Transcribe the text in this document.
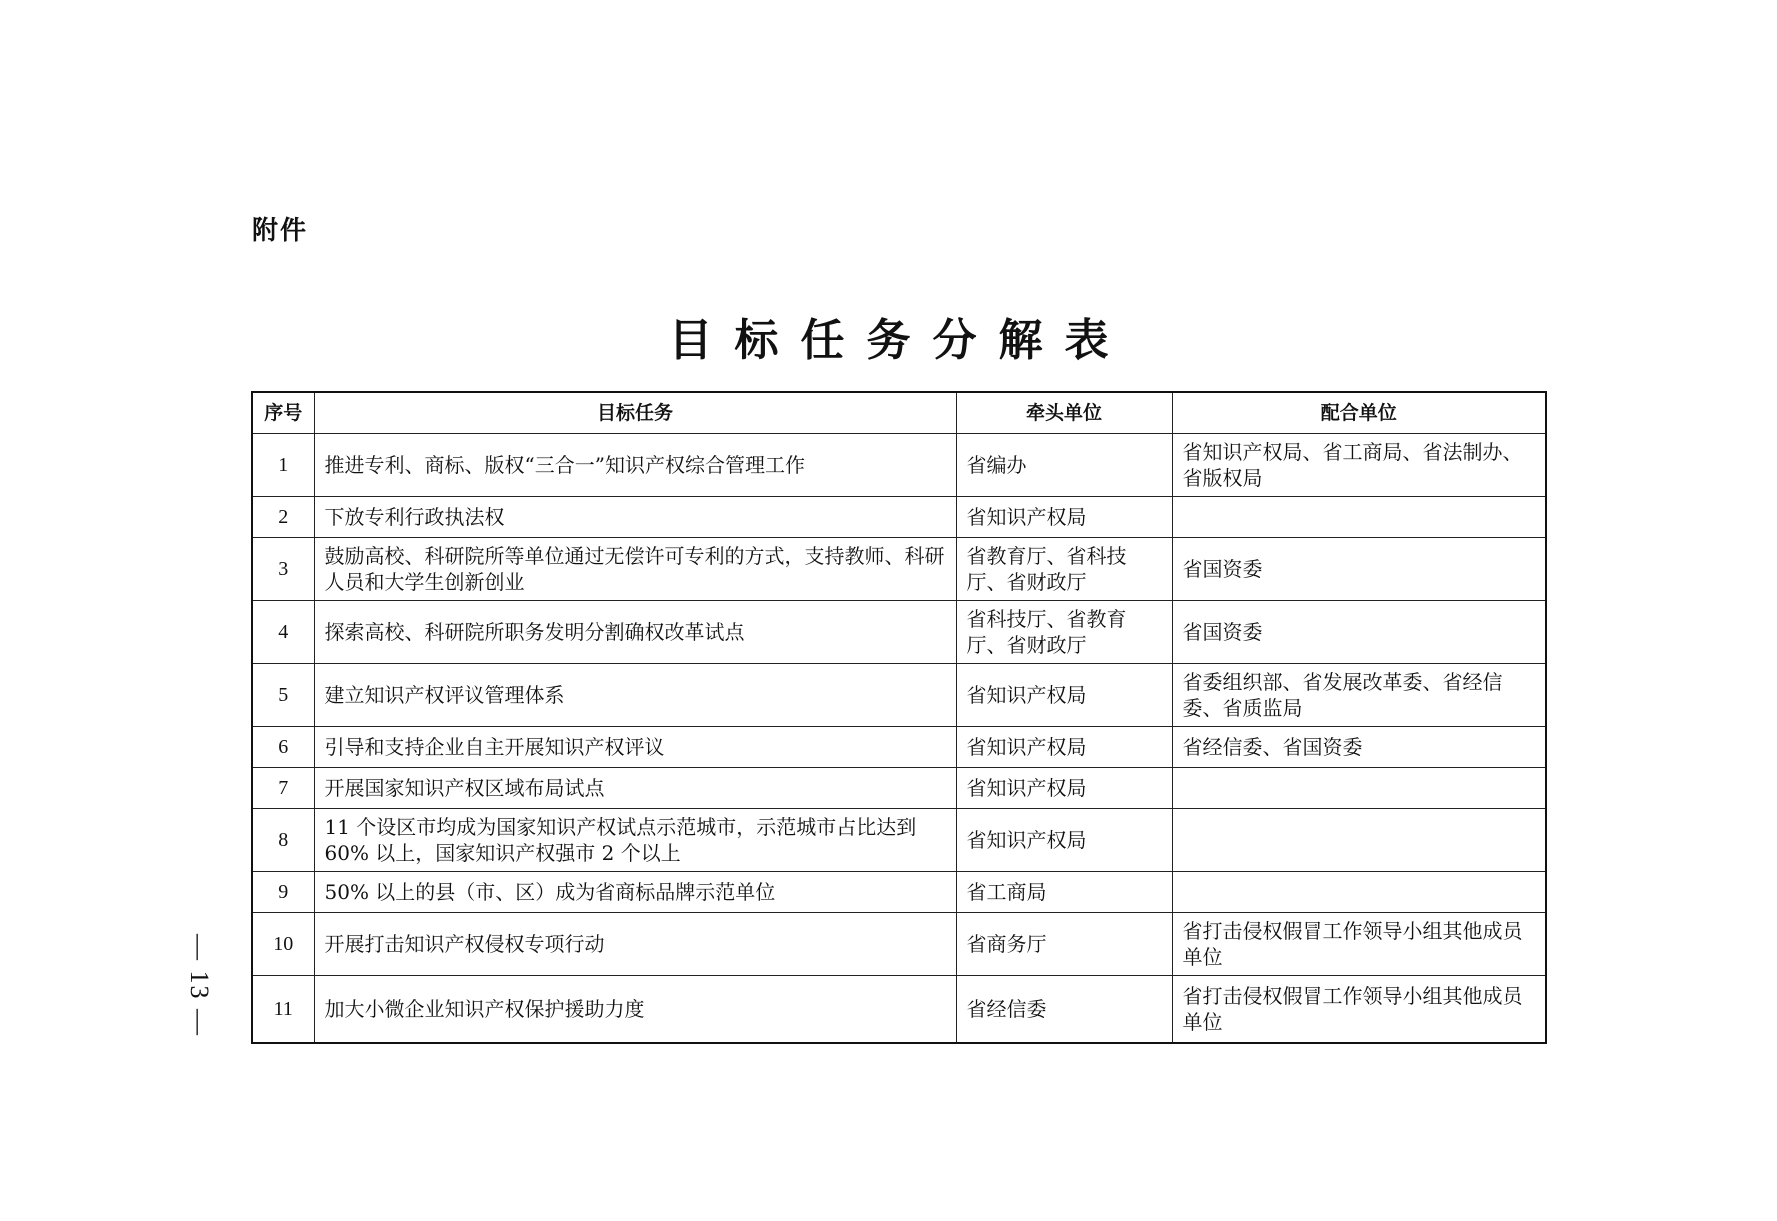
附件
目标任务分解表
序号	目标任务	牵头单位	配合单位
1	推进专利、商标、版权“三合一”知识产权综合管理工作	省编办	省知识产权局、省工商局、省法制办、省版权局
2	下放专利行政执法权	省知识产权局	
3	鼓励高校、科研院所等单位通过无偿许可专利的方式，支持教师、科研人员和大学生创新创业	省教育厅、省科技厅、省财政厅	省国资委
4	探索高校、科研院所职务发明分割确权改革试点	省科技厅、省教育厅、省财政厅	省国资委
5	建立知识产权评议管理体系	省知识产权局	省委组织部、省发展改革委、省经信委、省质监局
6	引导和支持企业自主开展知识产权评议	省知识产权局	省经信委、省国资委
7	开展国家知识产权区域布局试点	省知识产权局	
8	11 个设区市均成为国家知识产权试点示范城市，示范城市占比达到 60% 以上，国家知识产权强市 2 个以上	省知识产权局	
9	50% 以上的县（市、区）成为省商标品牌示范单位	省工商局	
10	开展打击知识产权侵权专项行动	省商务厅	省打击侵权假冒工作领导小组其他成员单位
11	加大小微企业知识产权保护援助力度	省经信委	省打击侵权假冒工作领导小组其他成员单位
— 13 —
